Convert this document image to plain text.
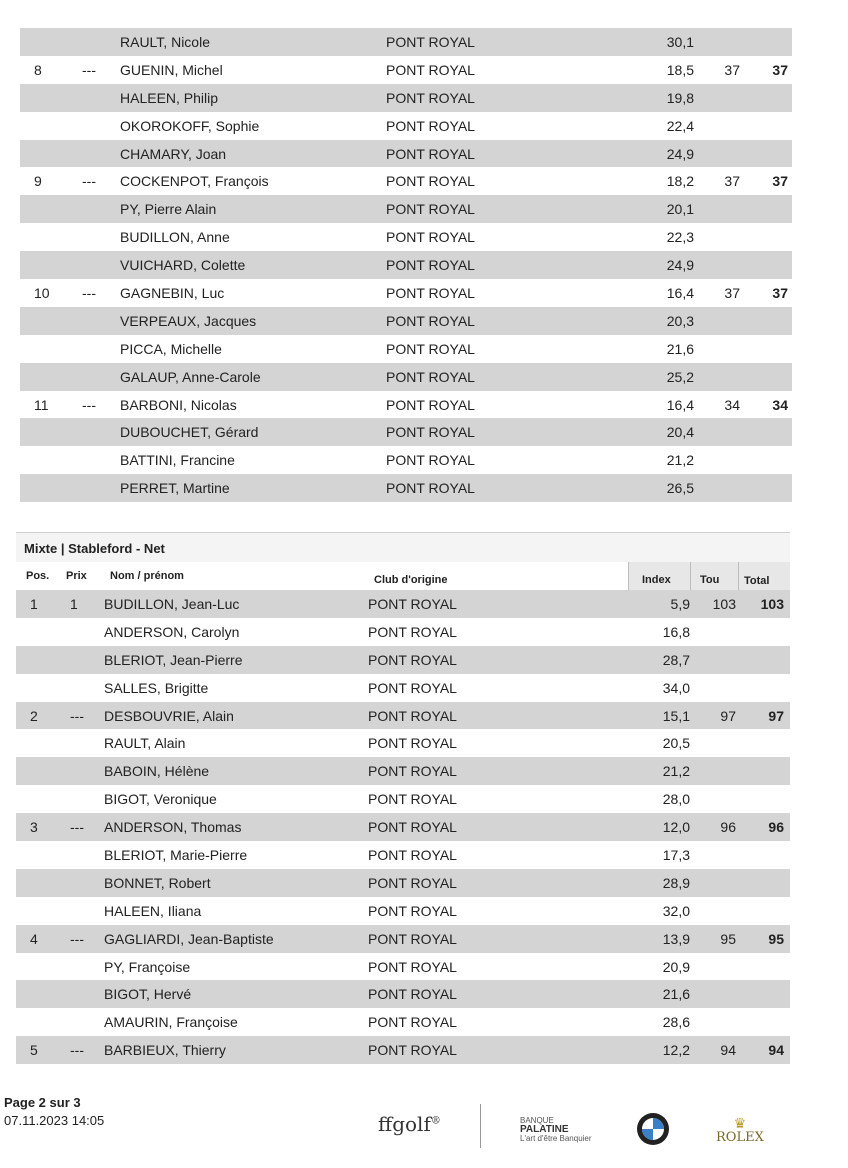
RAULT, Nicole	PONT ROYAL	30,1
8	---	GUENIN, Michel	PONT ROYAL	18,5	37	37
HALEEN, Philip	PONT ROYAL	19,8
OKOROKOFF, Sophie	PONT ROYAL	22,4
CHAMARY, Joan	PONT ROYAL	24,9
9	---	COCKENPOT, François	PONT ROYAL	18,2	37	37
PY, Pierre Alain	PONT ROYAL	20,1
BUDILLON, Anne	PONT ROYAL	22,3
VUICHARD, Colette	PONT ROYAL	24,9
10	---	GAGNEBIN, Luc	PONT ROYAL	16,4	37	37
VERPEAUX, Jacques	PONT ROYAL	20,3
PICCA, Michelle	PONT ROYAL	21,6
GALAUP, Anne-Carole	PONT ROYAL	25,2
11	---	BARBONI, Nicolas	PONT ROYAL	16,4	34	34
DUBOUCHET, Gérard	PONT ROYAL	20,4
BATTINI, Francine	PONT ROYAL	21,2
PERRET, Martine	PONT ROYAL	26,5
Mixte | Stableford - Net
Pos. Prix Nom / prénom	Club d'origine	Index	Tou Total
1	1	BUDILLON, Jean-Luc	PONT ROYAL	5,9	103	103
ANDERSON, Carolyn	PONT ROYAL	16,8
BLERIOT, Jean-Pierre	PONT ROYAL	28,7
SALLES, Brigitte	PONT ROYAL	34,0
2	---	DESBOUVRIE, Alain	PONT ROYAL	15,1	97	97
RAULT, Alain	PONT ROYAL	20,5
BABOIN, Hélène	PONT ROYAL	21,2
BIGOT, Veronique	PONT ROYAL	28,0
3	---	ANDERSON, Thomas	PONT ROYAL	12,0	96	96
BLERIOT, Marie-Pierre	PONT ROYAL	17,3
BONNET, Robert	PONT ROYAL	28,9
HALEEN, Iliana	PONT ROYAL	32,0
4	---	GAGLIARDI, Jean-Baptiste	PONT ROYAL	13,9	95	95
PY, Françoise	PONT ROYAL	20,9
BIGOT, Hervé	PONT ROYAL	21,6
AMAURIN, Françoise	PONT ROYAL	28,6
5	---	BARBIEUX, Thierry	PONT ROYAL	12,2	94	94
Page 2 sur 3
07.11.2023 14:05	ffgolf®	BANQUE
PALATINE
L'art d'être Banquier
♛
ROLEX
